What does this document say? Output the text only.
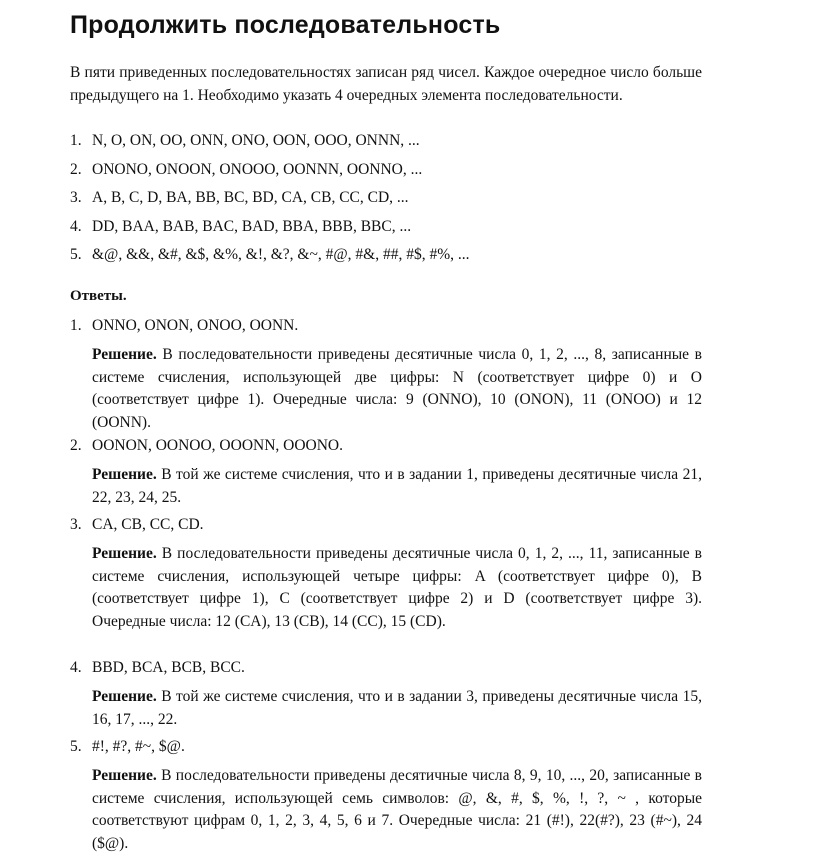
Продолжить последовательность

В пяти приведенных последовательностях записан ряд чисел. Каждое очередное число больше предыдущего на 1. Необходимо указать 4 очередных элемента последовательности.

1. N, O, ON, OO, ONN, ONO, OON, OOO, ONNN, ...

2. ONONO, ONOON, ONOOO, OONNN, OONNO, ...

3. A, B, C, D, BA, BB, BC, BD, CA, CB, CC, CD, ...

4. DD, BAA, BAB, BAC, BAD, BBA, BBB, BBC, ...

5. &@, &&, &#, &$, &%, &!, &?, &~, #@, #&, ##, #$, #%, ...

Ответы.

1. ONNO, ONON, ONOO, OONN.

Решение. В последовательности приведены десятичные числа 0, 1, 2, ..., 8, записанные в системе счисления, использующей две цифры: N (соответствует цифре 0) и O (соответствует цифре 1). Очередные числа: 9 (ONNO), 10 (ONON), 11 (ONOO) и 12 (OONN).

2. OONON, OONOO, OOONN, OOONO.

Решение. В той же системе счисления, что и в задании 1, приведены десятичные числа 21, 22, 23, 24, 25.

3. CA, CB, CC, CD.

Решение. В последовательности приведены десятичные числа 0, 1, 2, ..., 11, записанные в системе счисления, использующей четыре цифры: A (соответствует цифре 0), B (соответствует цифре 1), C (соответствует цифре 2) и D (соответствует цифре 3). Очередные числа: 12 (CA), 13 (CB), 14 (CC), 15 (CD).

4. BBD, BCA, BCB, BCC.

Решение. В той же системе счисления, что и в задании 3, приведены десятичные числа 15, 16, 17, ..., 22.

5. #!, #?, #~, $@.

Решение. В последовательности приведены десятичные числа 8, 9, 10, ..., 20, записанные в системе счисления, использующей семь символов: @, &, #, $, %, !, ?, ~ , которые соответствуют цифрам 0, 1, 2, 3, 4, 5, 6 и 7. Очередные числа: 21 (#!), 22(#?), 23 (#~), 24 ($@).
